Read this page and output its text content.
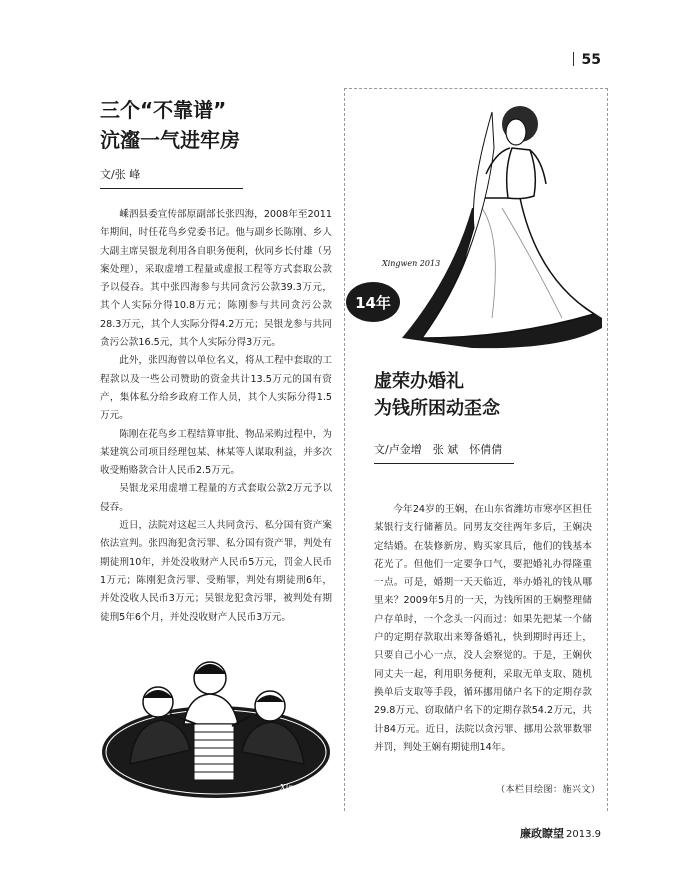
55
三个“不靠谱”
沆瀣一气进牢房
文/张 峰

嵊泗县委宣传部原副部长张四海，2008年至2011年期间，时任花鸟乡党委书记。他与副乡长陈刚、乡人大副主席吴银龙利用各自职务便利，伙同乡长付雄（另案处理），采取虚增工程量或虚报工程等方式套取公款予以侵吞。其中张四海参与共同贪污公款39.3万元，其个人实际分得10.8万元；陈刚参与共同贪污公款28.3万元，其个人实际分得4.2万元；吴银龙参与共同贪污公款16.5元，其个人实际分得3万元。

此外，张四海曾以单位名义，将从工程中套取的工程款以及一些公司赞助的资金共计13.5万元的国有资产，集体私分给乡政府工作人员，其个人实际分得1.5万元。

陈刚在花鸟乡工程结算审批、物品采购过程中，为某建筑公司项目经理包某、林某等人谋取利益，并多次收受贿赂款合计人民币2.5万元。

吴银龙采用虚增工程量的方式套取公款2万元予以侵吞。

近日，法院对这起三人共同贪污、私分国有资产案依法宣判。张四海犯贪污罪、私分国有资产罪，判处有期徒刑10年，并处没收财产人民币5万元，罚金人民币1万元；陈刚犯贪污罪、受贿罪，判处有期徒刑6年，并处没收人民币3万元；吴银龙犯贪污罪，被判处有期徒刑5年6个月，并处没收财产人民币3万元。

Xingwen 2013
Xingwen 2013
14年
虚荣办婚礼
为钱所困动歪念
文/卢金增　张 斌　怀倩倩

今年24岁的王娴，在山东省潍坊市寒亭区担任某银行支行储蓄员。同男友交往两年多后，王娴决定结婚。在装修新房、购买家具后，他们的钱基本花光了。但他们一定要争口气，要把婚礼办得隆重一点。可是，婚期一天天临近，举办婚礼的钱从哪里来？2009年5月的一天，为钱所困的王娴整理储户存单时，一个念头一闪而过：如果先把某一个储户的定期存款取出来筹备婚礼，快到期时再还上，只要自己小心一点，没人会察觉的。于是，王娴伙同丈夫一起，利用职务便利，采取无单支取、随机换单后支取等手段，循环挪用储户名下的定期存款29.8万元、窃取储户名下的定期存款54.2万元，共计84万元。近日，法院以贪污罪、挪用公款罪数罪并罚，判处王娴有期徒刑14年。

（本栏目绘图：施兴文）
廉政瞭望 2013.9
